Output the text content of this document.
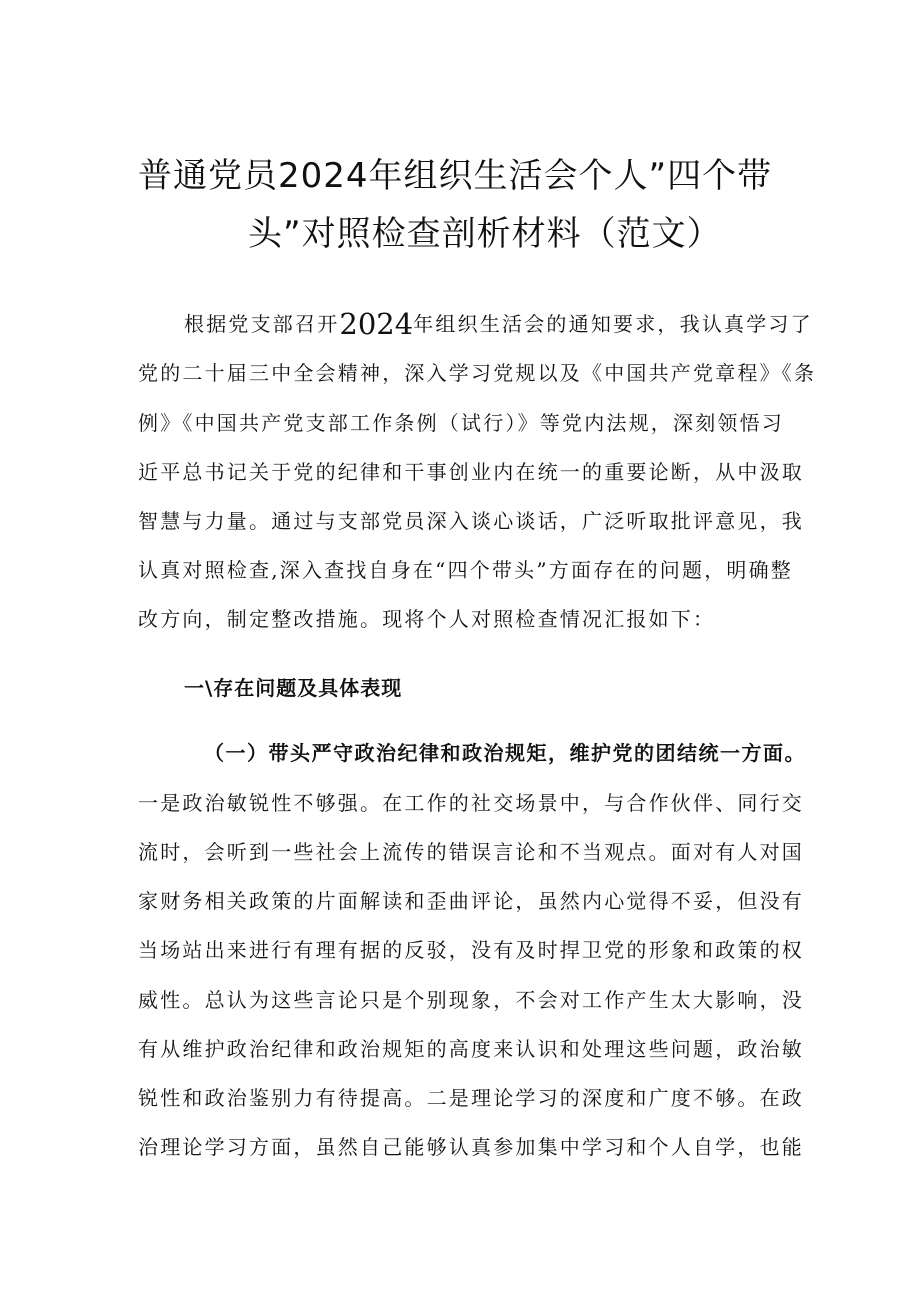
普通党员2024年组织生活会个人”四个带
头”对照检查剖析材料（范文）
根据党支部召开2024年组织生活会的通知要求，我认真学习了
党的二十届三中全会精神，深入学习党规以及《中国共产党章程》《条
例》《中国共产党支部工作条例（试行）》等党内法规，深刻领悟习
近平总书记关于党的纪律和干事创业内在统一的重要论断，从中汲取
智慧与力量。通过与支部党员深入谈心谈话，广泛听取批评意见，我
认真对照检查,深入查找自身在“四个带头”方面存在的问题，明确整
改方向，制定整改措施。现将个人对照检查情况汇报如下：
一\存在问题及具体表现
（一）带头严守政治纪律和政治规矩，维护党的团结统一方面。
一是政治敏锐性不够强。在工作的社交场景中，与合作伙伴、同行交
流时，会听到一些社会上流传的错误言论和不当观点。面对有人对国
家财务相关政策的片面解读和歪曲评论，虽然内心觉得不妥，但没有
当场站出来进行有理有据的反驳，没有及时捍卫党的形象和政策的权
威性。总认为这些言论只是个别现象，不会对工作产生太大影响，没
有从维护政治纪律和政治规矩的高度来认识和处理这些问题，政治敏
锐性和政治鉴别力有待提高。二是理论学习的深度和广度不够。在政
治理论学习方面，虽然自己能够认真参加集中学习和个人自学，也能
